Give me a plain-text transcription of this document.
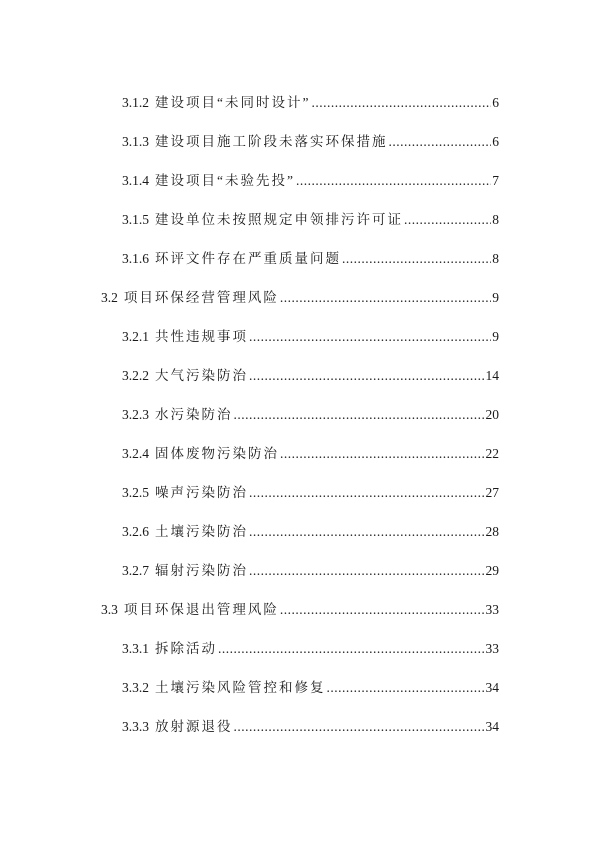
3.1.2 建设项目“未同时设计” .....	6
3.1.3 建设项目施工阶段未落实环保措施 .....	6
3.1.4 建设项目“未验先投” .....	7
3.1.5 建设单位未按照规定申领排污许可证 .....	8
3.1.6 环评文件存在严重质量问题 .....	8
3.2 项目环保经营管理风险 .....	9
3.2.1 共性违规事项 .....	9
3.2.2 大气污染防治 .....	14
3.2.3 水污染防治 .....	20
3.2.4 固体废物污染防治 .....	22
3.2.5 噪声污染防治 .....	27
3.2.6 土壤污染防治 .....	28
3.2.7 辐射污染防治 .....	29
3.3 项目环保退出管理风险 .....	33
3.3.1 拆除活动 .....	33
3.3.2 土壤污染风险管控和修复 .....	34
3.3.3 放射源退役 .....	34
